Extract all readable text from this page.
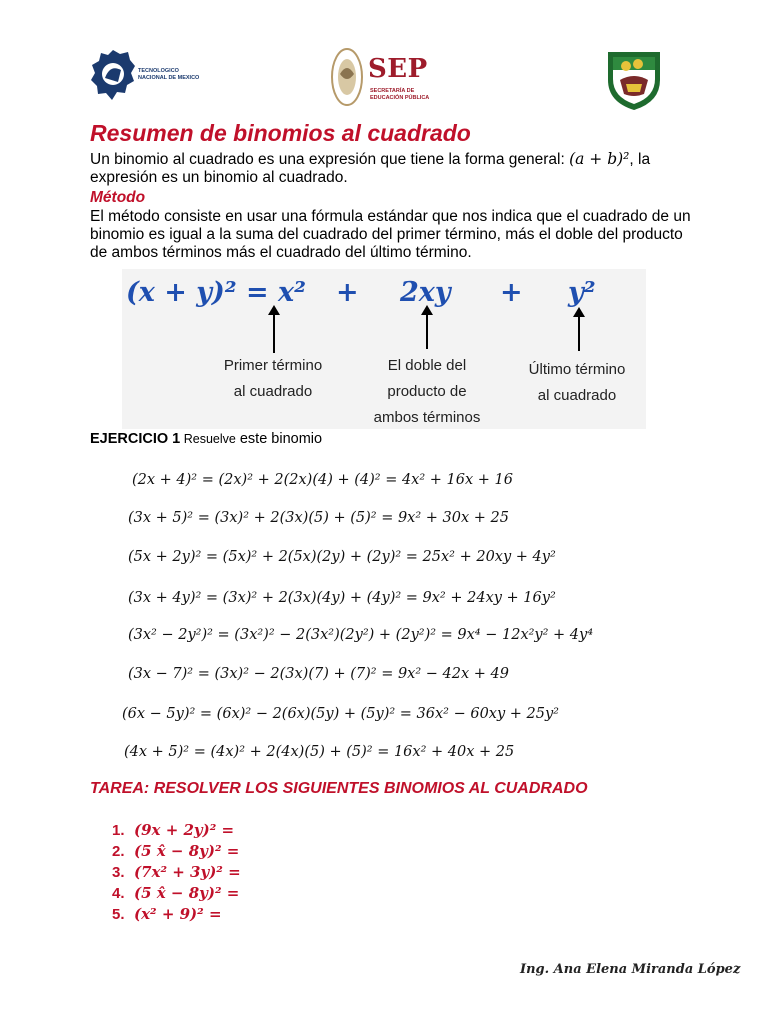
TECNOLOGICO NACIONAL DE MEXICO	SEP
SECRETARÍA DE EDUCACIÓN PÚBLICA
Resumen de binomios al cuadrado
Un binomio al cuadrado es una expresión que tiene la forma general: (a + b)², la expresión es un binomio al cuadrado.
Método
El método consiste en usar una fórmula estándar que nos indica que el cuadrado de un binomio es igual a la suma del cuadrado del primer término, más el doble del producto de ambos términos más el cuadrado del último término.
(x + y)² = x² + 2xy + y²
Primer término
al cuadrado
El doble del
producto de
ambos términos
Último término
al cuadrado
EJERCICIO 1 Resuelve este binomio
(2x + 4)² = (2x)² + 2(2x)(4) + (4)² = 4x² + 16x + 16
(3x + 5)² = (3x)² + 2(3x)(5) + (5)² = 9x² + 30x + 25
(5x + 2y)² = (5x)² + 2(5x)(2y) + (2y)² = 25x² + 20xy + 4y²
(3x + 4y)² = (3x)² + 2(3x)(4y) + (4y)² = 9x² + 24xy + 16y²
(3x² − 2y²)² = (3x²)² − 2(3x²)(2y²) + (2y²)² = 9x⁴ − 12x²y² + 4y⁴
(3x − 7)² = (3x)² − 2(3x)(7) + (7)² = 9x² − 42x + 49
(6x − 5y)² = (6x)² − 2(6x)(5y) + (5y)² = 36x² − 60xy + 25y²
(4x + 5)² = (4x)² + 2(4x)(5) + (5)² = 16x² + 40x + 25
TAREA: RESOLVER LOS SIGUIENTES BINOMIOS AL CUADRADO
1. (9x + 2y)² =
2. (5 x̂ − 8y)² =
3. (7x² + 3y)² =
4. (5 x̂ − 8y)² =
5. (x² + 9)² =
Ing. Ana Elena Miranda López
